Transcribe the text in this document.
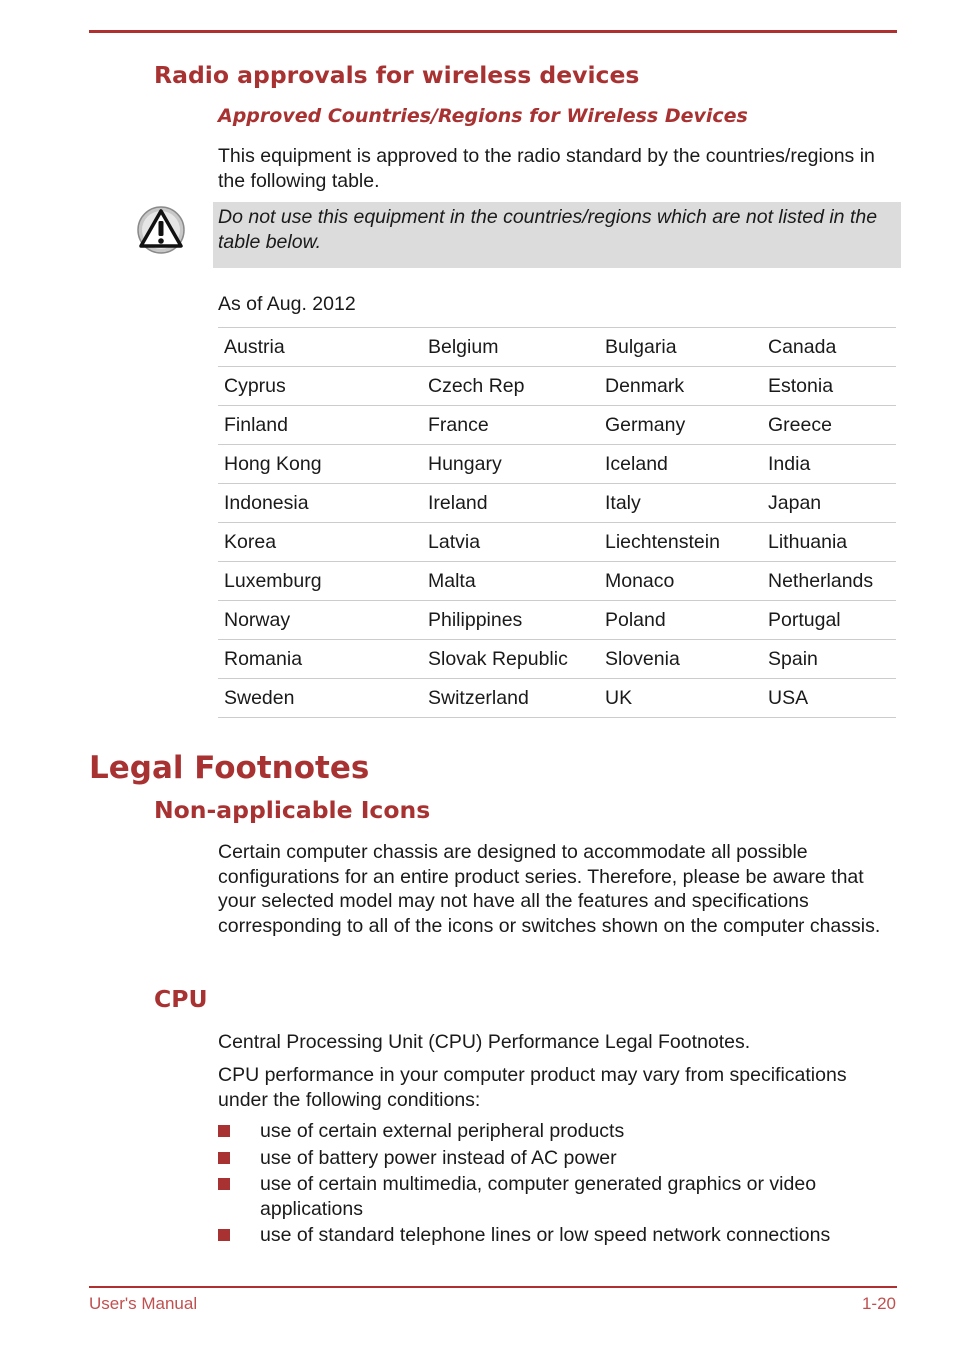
Radio approvals for wireless devices
Approved Countries/Regions for Wireless Devices

This equipment is approved to the radio standard by the countries/regions in the following table.

Do not use this equipment in the countries/regions which are not listed in the table below.

As of Aug. 2012

Austria	Belgium	Bulgaria	Canada
Cyprus	Czech Rep	Denmark	Estonia
Finland	France	Germany	Greece
Hong Kong	Hungary	Iceland	India
Indonesia	Ireland	Italy	Japan
Korea	Latvia	Liechtenstein	Lithuania
Luxemburg	Malta	Monaco	Netherlands
Norway	Philippines	Poland	Portugal
Romania	Slovak Republic	Slovenia	Spain
Sweden	Switzerland	UK	USA
Legal Footnotes
Non-applicable Icons

Certain computer chassis are designed to accommodate all possible configurations for an entire product series. Therefore, please be aware that your selected model may not have all the features and specifications corresponding to all of the icons or switches shown on the computer chassis.

CPU

Central Processing Unit (CPU) Performance Legal Footnotes.

CPU performance in your computer product may vary from specifications under the following conditions:

use of certain external peripheral products
use of battery power instead of AC power
use of certain multimedia, computer generated graphics or video applications
use of standard telephone lines or low speed network connections
User's Manual	1-20
